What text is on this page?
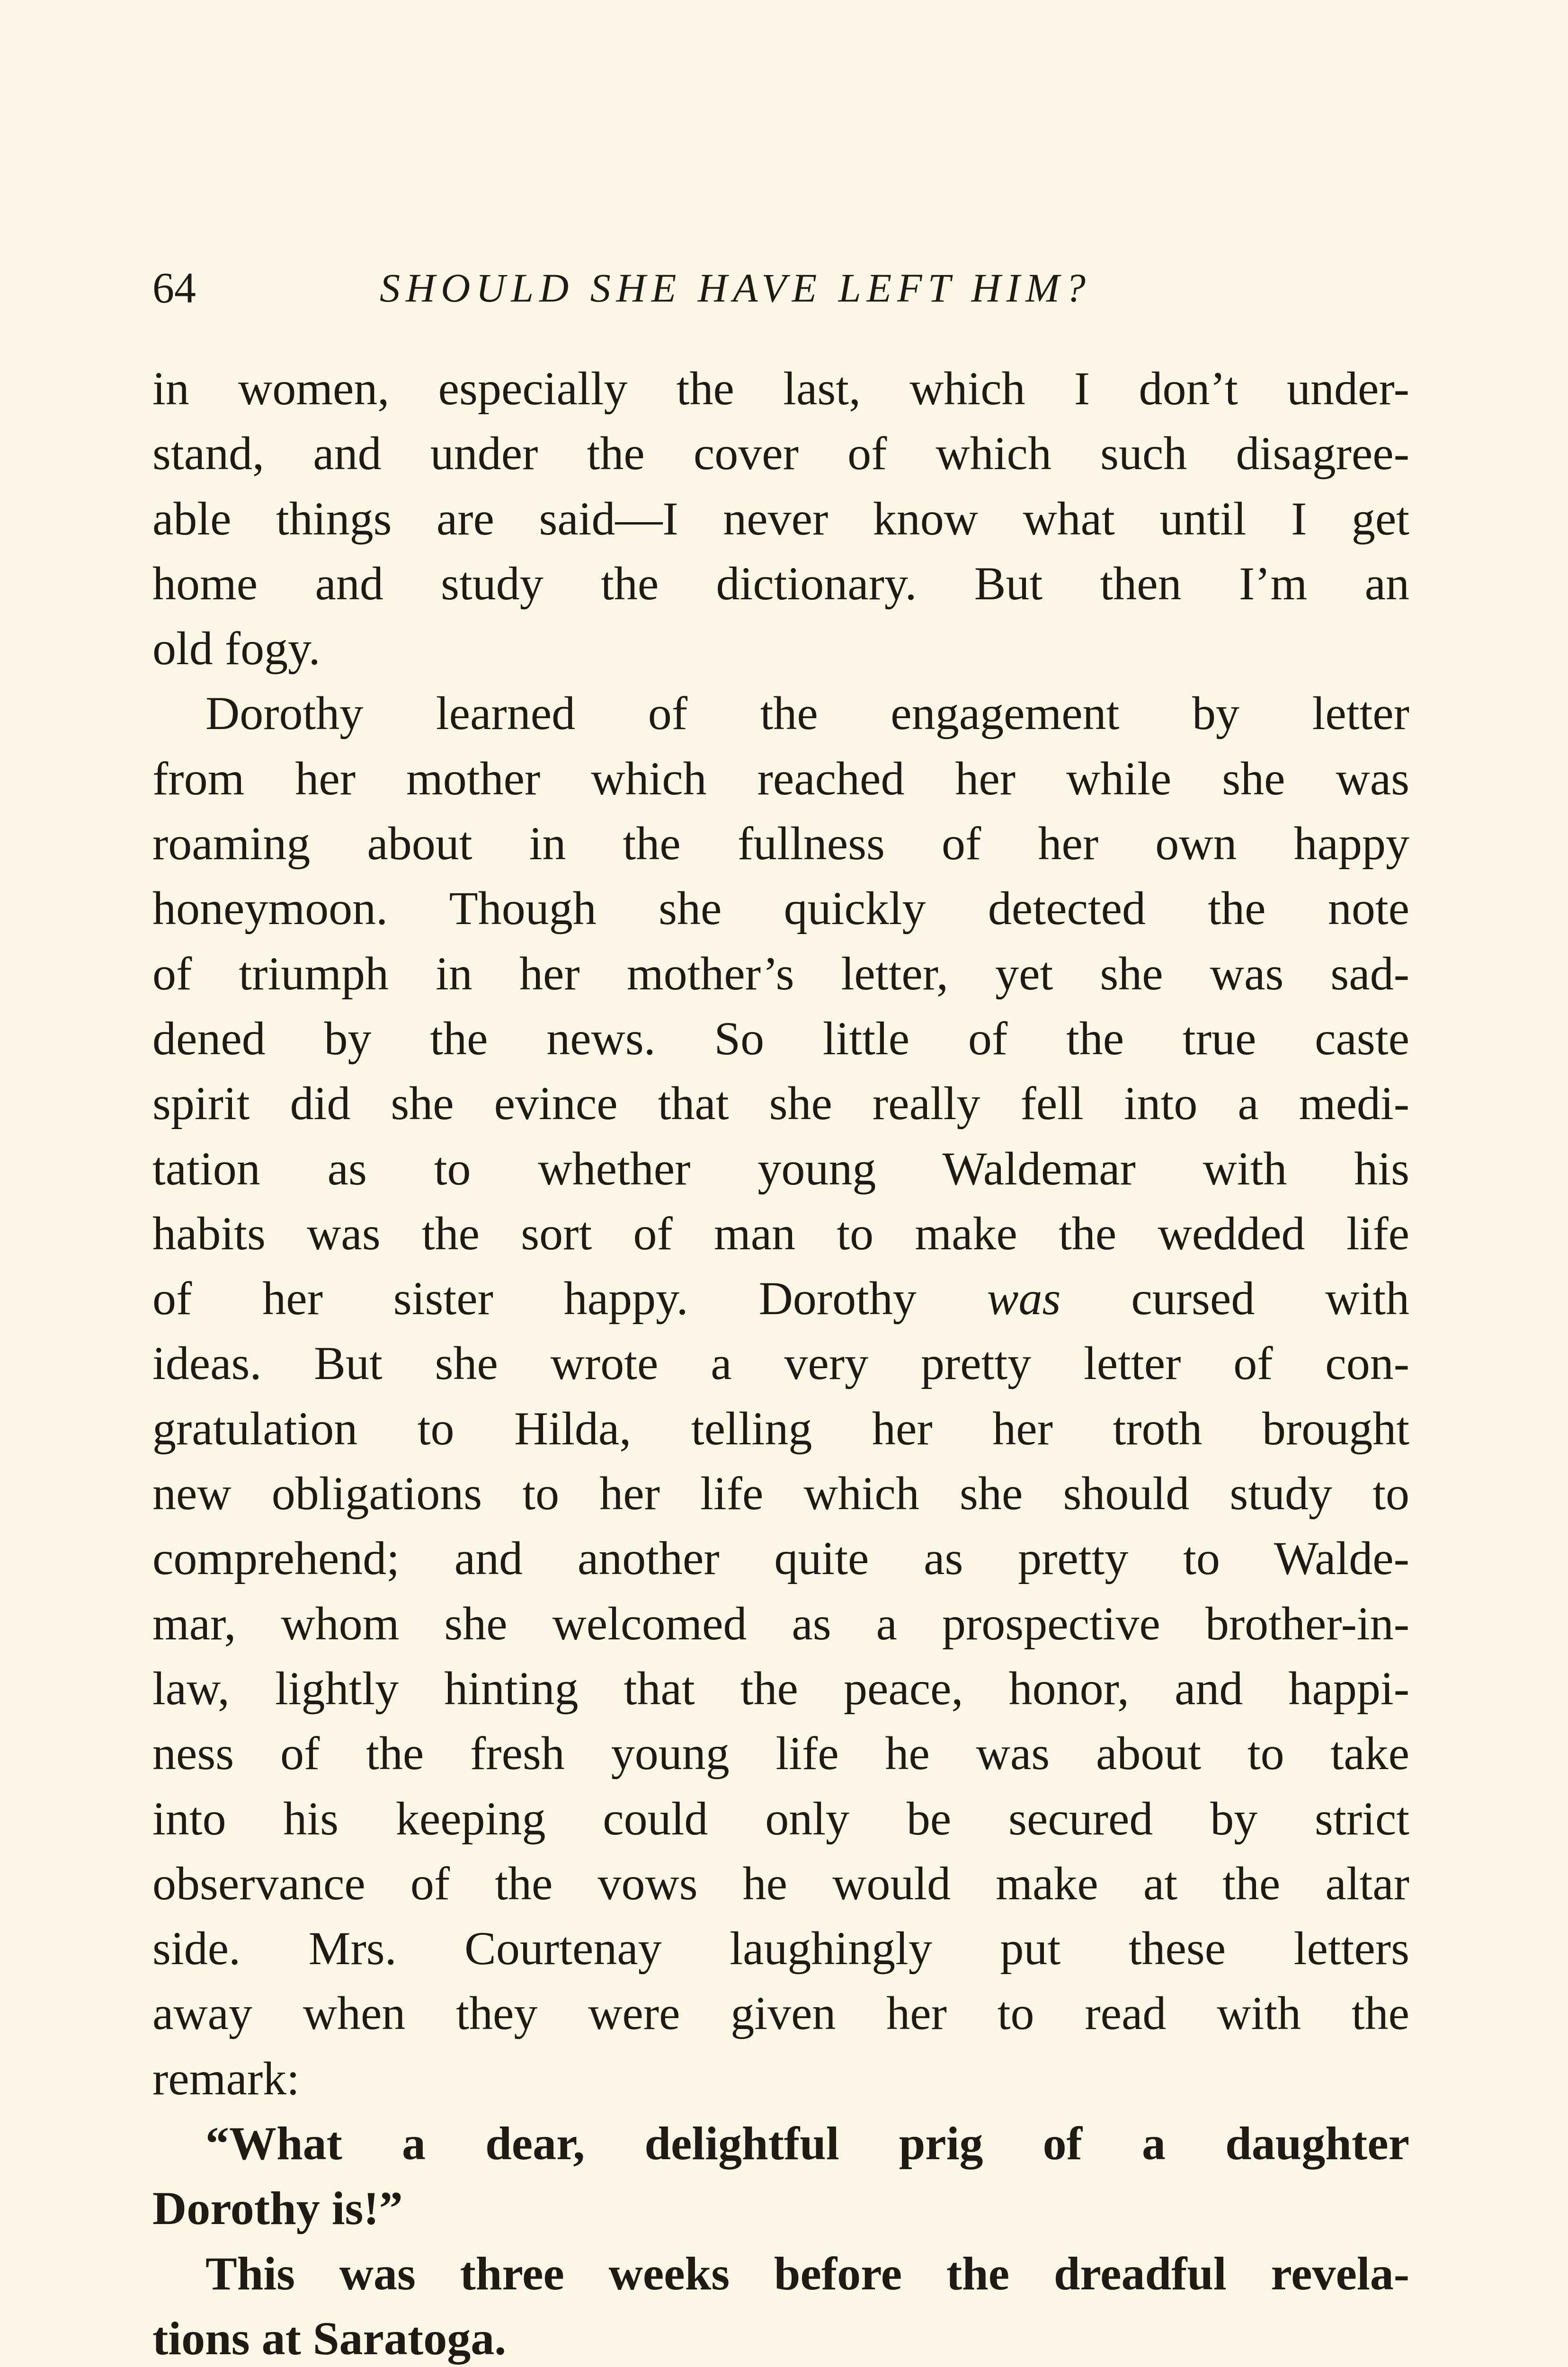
64	SHOULD SHE HAVE LEFT HIM?
in women, especially the last, which I don’t under-
stand, and under the cover of which such disagree-
able things are said—I never know what until I get
home and study the dictionary. But then I’m an
old fogy.
Dorothy learned of the engagement by letter
from her mother which reached her while she was
roaming about in the fullness of her own happy
honeymoon. Though she quickly detected the note
of triumph in her mother’s letter, yet she was sad-
dened by the news. So little of the true caste
spirit did she evince that she really fell into a medi-
tation as to whether young Waldemar with his
habits was the sort of man to make the wedded life
of her sister happy. Dorothy was cursed with
ideas. But she wrote a very pretty letter of con-
gratulation to Hilda, telling her her troth brought
new obligations to her life which she should study to
comprehend; and another quite as pretty to Walde-
mar, whom she welcomed as a prospective brother-in-
law, lightly hinting that the peace, honor, and happi-
ness of the fresh young life he was about to take
into his keeping could only be secured by strict
observance of the vows he would make at the altar
side. Mrs. Courtenay laughingly put these letters
away when they were given her to read with the
remark:
“What a dear, delightful prig of a daughter
Dorothy is!”
This was three weeks before the dreadful revela-
tions at Saratoga.
